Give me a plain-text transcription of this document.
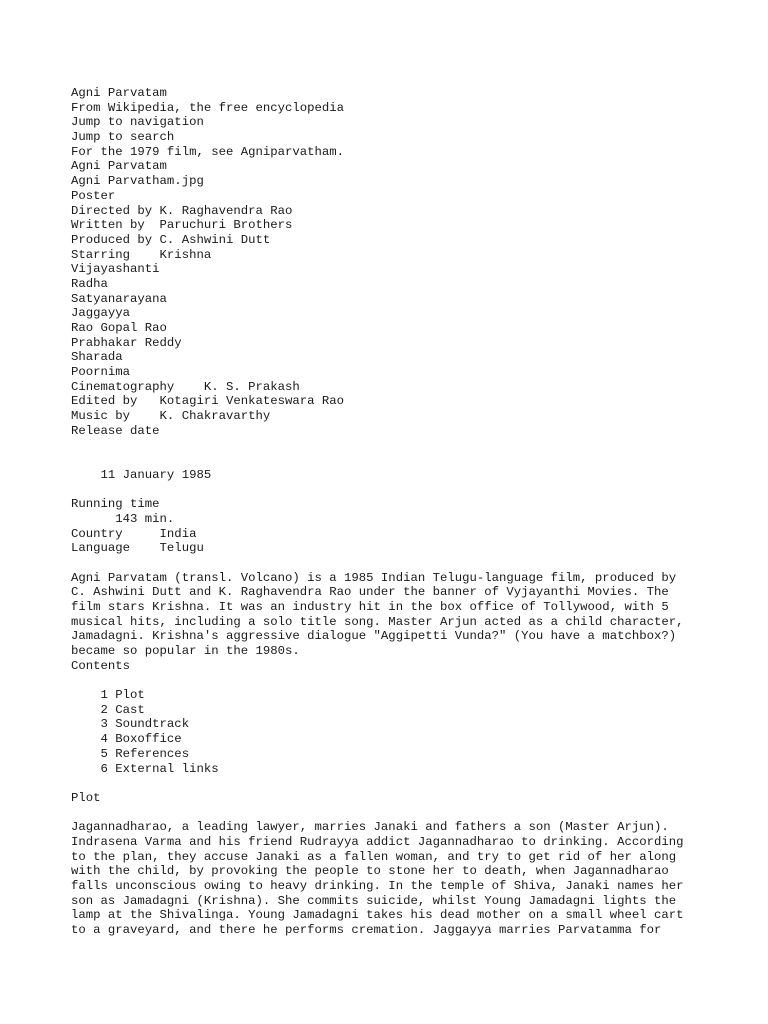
Agni Parvatam
From Wikipedia, the free encyclopedia
Jump to navigation
Jump to search
For the 1979 film, see Agniparvatham.
Agni Parvatam
Agni Parvatham.jpg
Poster
Directed by K. Raghavendra Rao
Written by  Paruchuri Brothers
Produced by C. Ashwini Dutt
Starring    Krishna
Vijayashanti
Radha
Satyanarayana
Jaggayya
Rao Gopal Rao
Prabhakar Reddy
Sharada
Poornima
Cinematography    K. S. Prakash
Edited by   Kotagiri Venkateswara Rao
Music by    K. Chakravarthy
Release date
11 January 1985
Running time
143 min.
Country     India
Language    Telugu
Agni Parvatam (transl. Volcano) is a 1985 Indian Telugu-language film, produced by
C. Ashwini Dutt and K. Raghavendra Rao under the banner of Vyjayanthi Movies. The
film stars Krishna. It was an industry hit in the box office of Tollywood, with 5
musical hits, including a solo title song. Master Arjun acted as a child character,
Jamadagni. Krishna's aggressive dialogue "Aggipetti Vunda?" (You have a matchbox?)
became so popular in the 1980s.
Contents
1 Plot
2 Cast
3 Soundtrack
4 Boxoffice
5 References
6 External links
Plot
Jagannadharao, a leading lawyer, marries Janaki and fathers a son (Master Arjun).
Indrasena Varma and his friend Rudrayya addict Jagannadharao to drinking. According
to the plan, they accuse Janaki as a fallen woman, and try to get rid of her along
with the child, by provoking the people to stone her to death, when Jagannadharao
falls unconscious owing to heavy drinking. In the temple of Shiva, Janaki names her
son as Jamadagni (Krishna). She commits suicide, whilst Young Jamadagni lights the
lamp at the Shivalinga. Young Jamadagni takes his dead mother on a small wheel cart
to a graveyard, and there he performs cremation. Jaggayya marries Parvatamma for
